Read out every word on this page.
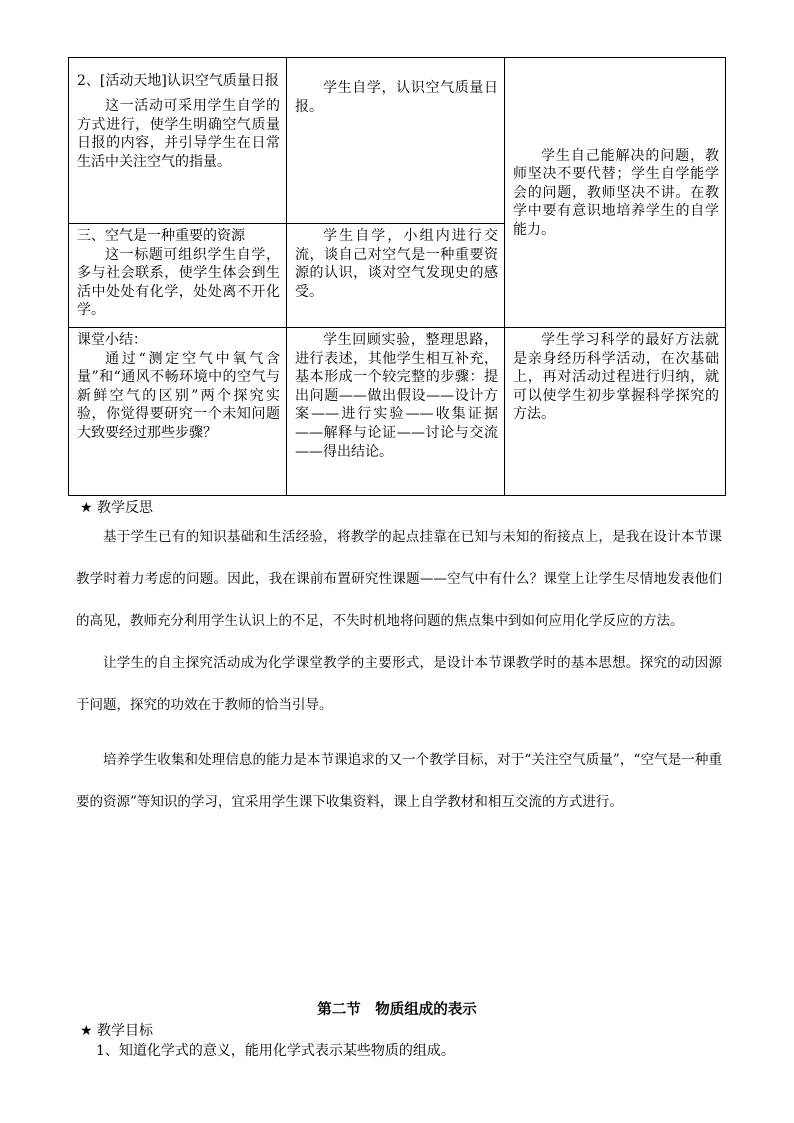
2、[活动天地]认识空气质量日报

这一活动可采用学生自学的方式进行，使学生明确空气质量日报的内容，并引导学生在日常生活中关注空气的指量。	学生自学，认识空气质量日报。	学生自己能解决的问题，教师坚决不要代替；学生自学能学会的问题，教师坚决不讲。在教学中要有意识地培养学生的自学能力。

三、空气是一种重要的资源

这一标题可组织学生自学，多与社会联系，使学生体会到生活中处处有化学，处处离不开化学。	学生自学，小组内进行交流，谈自己对空气是一种重要资源的认识，谈对空气发现史的感受。	

课堂小结：

通过“测定空气中氧气含量”和“通风不畅环境中的空气与新鲜空气的区别”两个探究实验，你觉得要研究一个未知问题大致要经过那些步骤？	学生回顾实验，整理思路，进行表述，其他学生相互补充，基本形成一个较完整的步骤：提出问题——做出假设——设计方案——进行实验——收集证据——解释与论证——讨论与交流——得出结论。	学生学习科学的最好方法就是亲身经历科学活动，在次基础上，再对活动过程进行归纳，就可以使学生初步掌握科学探究的方法。

★ 教学反思

基于学生已有的知识基础和生活经验，将教学的起点挂靠在已知与未知的衔接点上，是我在设计本节课教学时着力考虑的问题。因此，我在课前布置研究性课题——空气中有什么？课堂上让学生尽情地发表他们的高见，教师充分利用学生认识上的不足，不失时机地将问题的焦点集中到如何应用化学反应的方法。

让学生的自主探究活动成为化学课堂教学的主要形式，是设计本节课教学时的基本思想。探究的动因源于问题，探究的功效在于教师的恰当引导。

培养学生收集和处理信息的能力是本节课追求的又一个教学目标，对于“关注空气质量”，“空气是一种重要的资源”等知识的学习，宜采用学生课下收集资料，课上自学教材和相互交流的方式进行。

第二节　物质组成的表示
★ 教学目标

1、知道化学式的意义，能用化学式表示某些物质的组成。
